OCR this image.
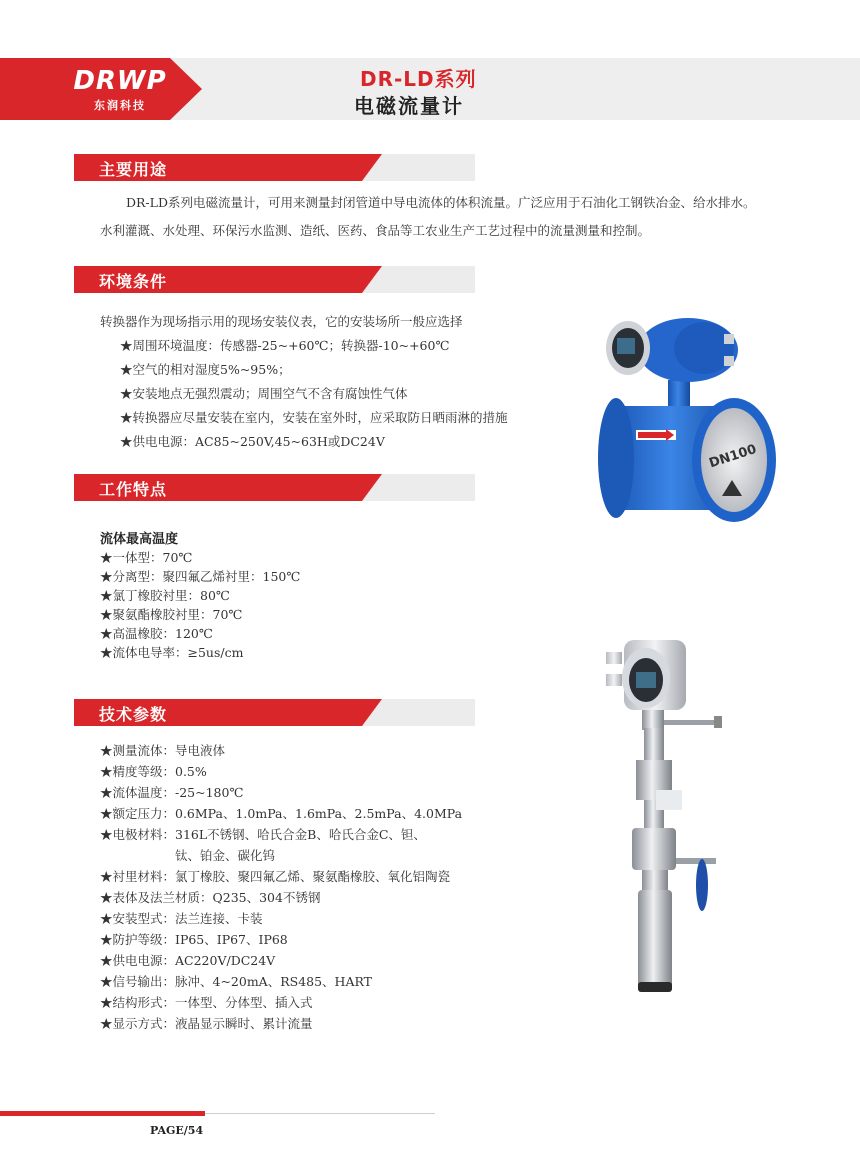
DRWP
东润科技
DR-LD系列
电磁流量计
主要用途
DR-LD系列电磁流量计，可用来测量封闭管道中导电流体的体积流量。广泛应用于石油化工钢铁冶金、给水排水。水利灌溉、水处理、环保污水监测、造纸、医药、食品等工农业生产工艺过程中的流量测量和控制。
环境条件
转换器作为现场指示用的现场安装仪表，它的安装场所一般应选择
★周围环境温度：传感器-25~+60℃；转换器-10~+60℃
★空气的相对湿度5%~95%；
★安装地点无强烈震动；周围空气不含有腐蚀性气体
★转换器应尽量安装在室内，安装在室外时，应采取防日晒雨淋的措施
★供电电源：AC85~250V,45~63H或DC24V
工作特点
流体最高温度
★一体型：70℃
★分离型：聚四氟乙烯衬里：150℃
★氯丁橡胶衬里：80℃
★聚氨酯橡胶衬里：70℃
★高温橡胶：120℃
★流体电导率：≥5us/cm
技术参数
★测量流体：导电液体
★精度等级：0.5%
★流体温度：-25~180℃
★额定压力：0.6MPa、1.0mPa、1.6mPa、2.5mPa、4.0MPa
★电极材料：316L不锈钢、哈氏合金B、哈氏合金C、钽、
钛、铂金、碳化钨
★衬里材料：氯丁橡胶、聚四氟乙烯、聚氨酯橡胶、氧化铝陶瓷
★表体及法兰材质：Q235、304不锈钢
★安装型式：法兰连接、卡装
★防护等级：IP65、IP67、IP68
★供电电源：AC220V/DC24V
★信号输出：脉冲、4~20mA、RS485、HART
★结构形式：一体型、分体型、插入式
★显示方式：液晶显示瞬时、累计流量
DN100
PAGE/54
